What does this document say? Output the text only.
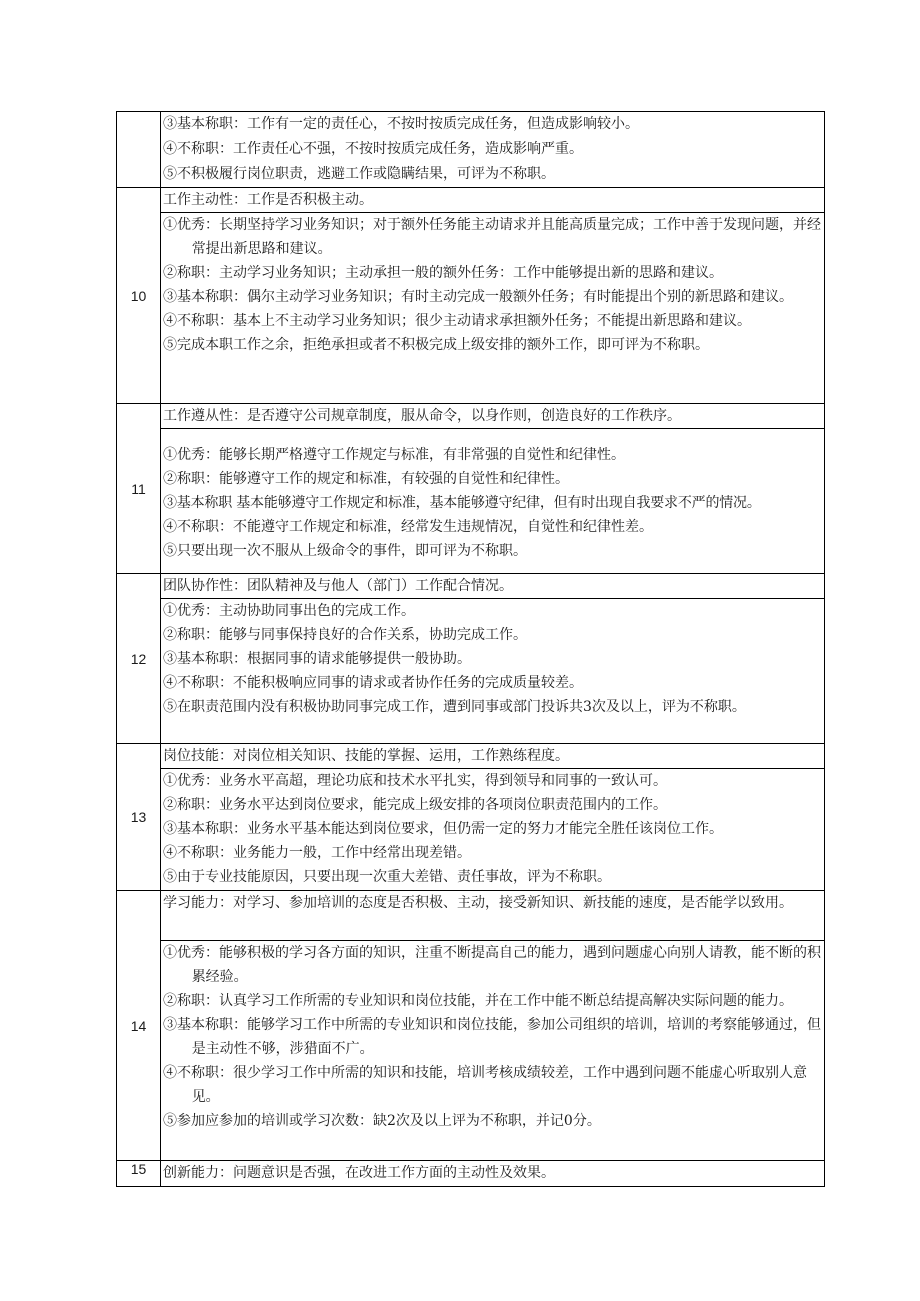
	③基本称职：工作有一定的责任心，不按时按质完成任务，但造成影响较小。
④不称职：工作责任心不强，不按时按质完成任务，造成影响严重。
⑤不积极履行岗位职责，逃避工作或隐瞒结果，可评为不称职。

10	工作主动性：工作是否积极主动。

	①优秀：长期坚持学习业务知识；对于额外任务能主动请求并且能高质量完成；工作中善于发现问题，并经常提出新思路和建议。
②称职：主动学习业务知识；主动承担一般的额外任务：工作中能够提出新的思路和建议。
③基本称职：偶尔主动学习业务知识；有时主动完成一般额外任务；有时能提出个别的新思路和建议。
④不称职：基本上不主动学习业务知识；很少主动请求承担额外任务；不能提出新思路和建议。
⑤完成本职工作之余，拒绝承担或者不积极完成上级安排的额外工作，即可评为不称职。

11	工作遵从性：是否遵守公司规章制度，服从命令，以身作则，创造良好的工作秩序。

	①优秀：能够长期严格遵守工作规定与标准，有非常强的自觉性和纪律性。
②称职：能够遵守工作的规定和标准，有较强的自觉性和纪律性。
③基本称职 基本能够遵守工作规定和标准，基本能够遵守纪律，但有时出现自我要求不严的情况。
④不称职：不能遵守工作规定和标准，经常发生违规情况，自觉性和纪律性差。
⑤只要出现一次不服从上级命令的事件，即可评为不称职。

12	团队协作性：团队精神及与他人（部门）工作配合情况。

	①优秀：主动协助同事出色的完成工作。
②称职：能够与同事保持良好的合作关系，协助完成工作。
③基本称职：根据同事的请求能够提供一般协助。
④不称职：不能积极响应同事的请求或者协作任务的完成质量较差。
⑤在职责范围内没有积极协助同事完成工作，遭到同事或部门投诉共3次及以上，评为不称职。

13	岗位技能：对岗位相关知识、技能的掌握、运用，工作熟练程度。

	①优秀：业务水平高超，理论功底和技术水平扎实，得到领导和同事的一致认可。
②称职：业务水平达到岗位要求，能完成上级安排的各项岗位职责范围内的工作。
③基本称职：业务水平基本能达到岗位要求，但仍需一定的努力才能完全胜任该岗位工作。
④不称职：业务能力一般，工作中经常出现差错。
⑤由于专业技能原因，只要出现一次重大差错、责任事故，评为不称职。

14	学习能力：对学习、参加培训的态度是否积极、主动，接受新知识、新技能的速度，是否能学以致用。

	①优秀：能够积极的学习各方面的知识，注重不断提高自己的能力，遇到问题虚心向别人请教，能不断的积累经验。
②称职：认真学习工作所需的专业知识和岗位技能，并在工作中能不断总结提高解决实际问题的能力。
③基本称职：能够学习工作中所需的专业知识和岗位技能，参加公司组织的培训，培训的考察能够通过，但是主动性不够，涉猎面不广。
④不称职：很少学习工作中所需的知识和技能，培训考核成绩较差，工作中遇到问题不能虚心听取别人意见。
⑤参加应参加的培训或学习次数：缺2次及以上评为不称职，并记0分。

15	创新能力：问题意识是否强，在改进工作方面的主动性及效果。
